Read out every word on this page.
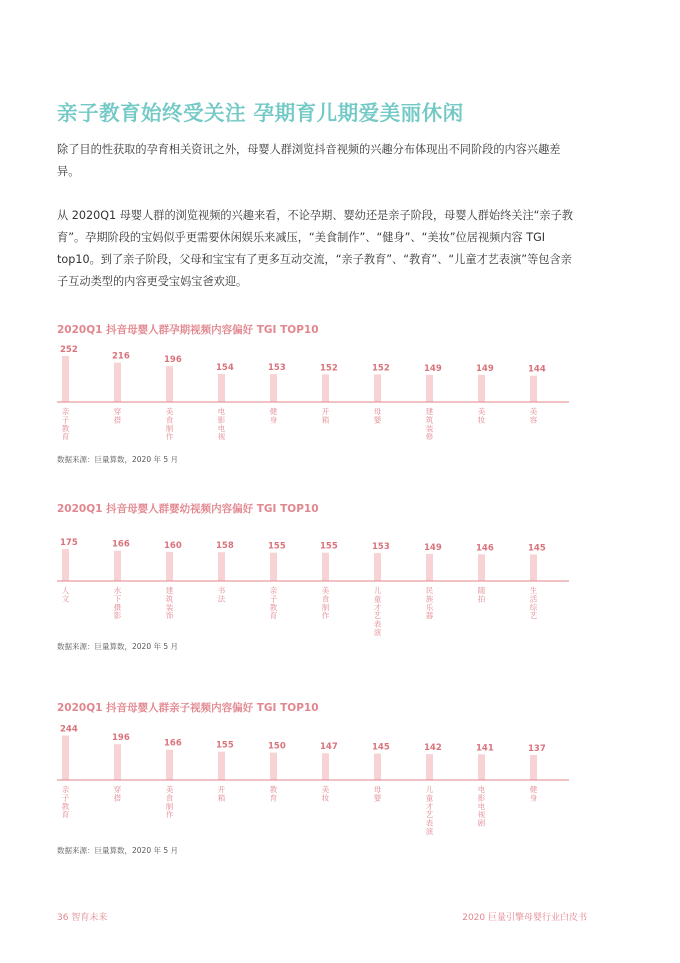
亲子教育始终受关注 孕期育儿期爱美丽休闲

除了目的性获取的孕育相关资讯之外，母婴人群浏览抖音视频的兴趣分布体现出不同阶段的内容兴趣差异。

从 2020Q1 母婴人群的浏览视频的兴趣来看，不论孕期、婴幼还是亲子阶段，母婴人群始终关注“亲子教育”。孕期阶段的宝妈似乎更需要休闲娱乐来减压，“美食制作”、“健身”、“美妆”位居视频内容 TGI top10。到了亲子阶段，父母和宝宝有了更多互动交流，“亲子教育”、“教育”、“儿童才艺表演”等包含亲子互动类型的内容更受宝妈宝爸欢迎。

2020Q1 抖音母婴人群孕期视频内容偏好 TGI TOP10
252
亲子教育
216
穿搭
196
美食制作
154
电影电视
153
健身
152
开箱
152
母婴
149
建筑装修
149
美妆
144
美容
数据来源：巨量算数，2020 年 5 月
2020Q1 抖音母婴人群婴幼视频内容偏好 TGI TOP10
175
人文
166
水下摄影
160
建筑装饰
158
书法
155
亲子教育
155
美食制作
153
儿童才艺表演
149
民族乐器
146
随拍
145
生活综艺
数据来源：巨量算数，2020 年 5 月
2020Q1 抖音母婴人群亲子视频内容偏好 TGI TOP10
244
亲子教育
196
穿搭
166
美食制作
155
开箱
150
教育
147
美妆
145
母婴
142
儿童才艺表演
141
电影电视剧
137
健身
数据来源：巨量算数，2020 年 5 月
36 智育未来	2020 巨量引擎母婴行业白皮书
